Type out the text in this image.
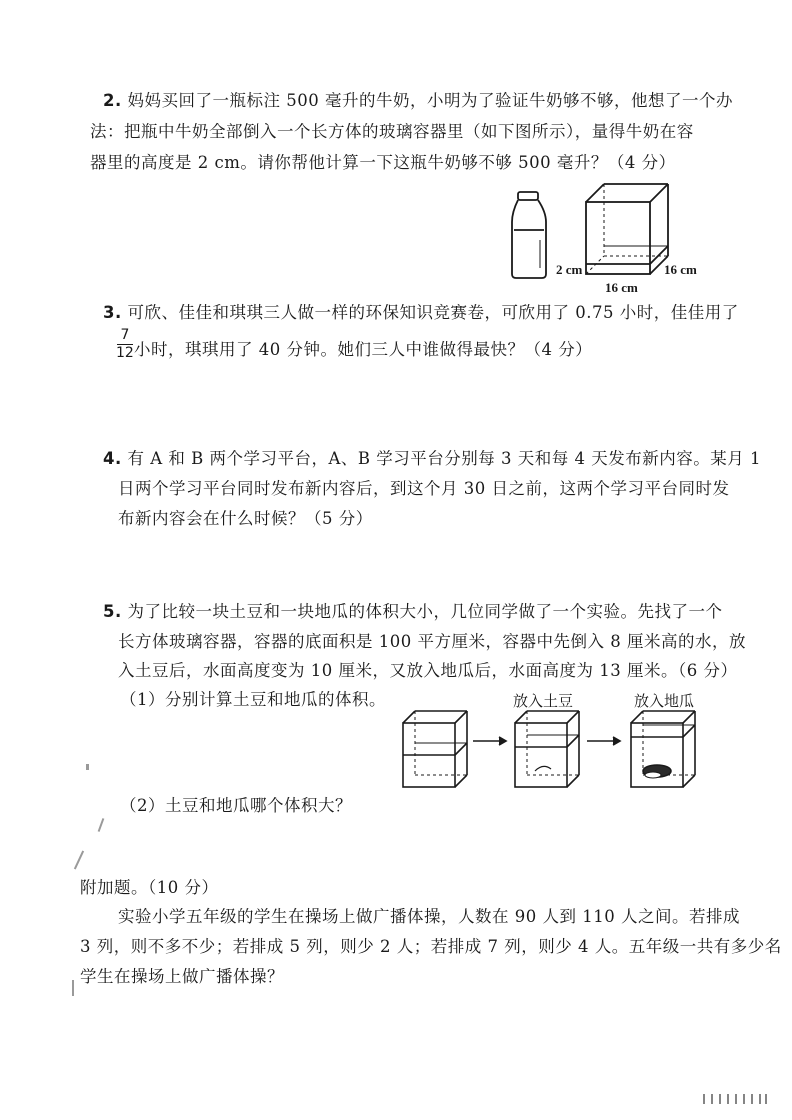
2. 妈妈买回了一瓶标注 500 毫升的牛奶，小明为了验证牛奶够不够，他想了一个办
法：把瓶中牛奶全部倒入一个长方体的玻璃容器里（如下图所示），量得牛奶在容
器里的高度是 2 cm。请你帮他计算一下这瓶牛奶够不够 500 毫升？（4 分）
2 cm
16 cm
16 cm
3. 可欣、佳佳和琪琪三人做一样的环保知识竞赛卷，可欣用了 0.75 小时，佳佳用了
7
12 小时，琪琪用了 40 分钟。她们三人中谁做得最快？（4 分）
4. 有 A 和 B 两个学习平台，A、B 学习平台分别每 3 天和每 4 天发布新内容。某月 1
日两个学习平台同时发布新内容后，到这个月 30 日之前，这两个学习平台同时发
布新内容会在什么时候？（5 分）
5. 为了比较一块土豆和一块地瓜的体积大小，几位同学做了一个实验。先找了一个
长方体玻璃容器，容器的底面积是 100 平方厘米，容器中先倒入 8 厘米高的水，放
入土豆后，水面高度变为 10 厘米，又放入地瓜后，水面高度为 13 厘米。（6 分）
（1）分别计算土豆和地瓜的体积。
（2）土豆和地瓜哪个体积大？
放入土豆	放入地瓜
附加题。（10 分）
实验小学五年级的学生在操场上做广播体操，人数在 90 人到 110 人之间。若排成
3 列，则不多不少；若排成 5 列，则少 2 人；若排成 7 列，则少 4 人。五年级一共有多少名
学生在操场上做广播体操？
